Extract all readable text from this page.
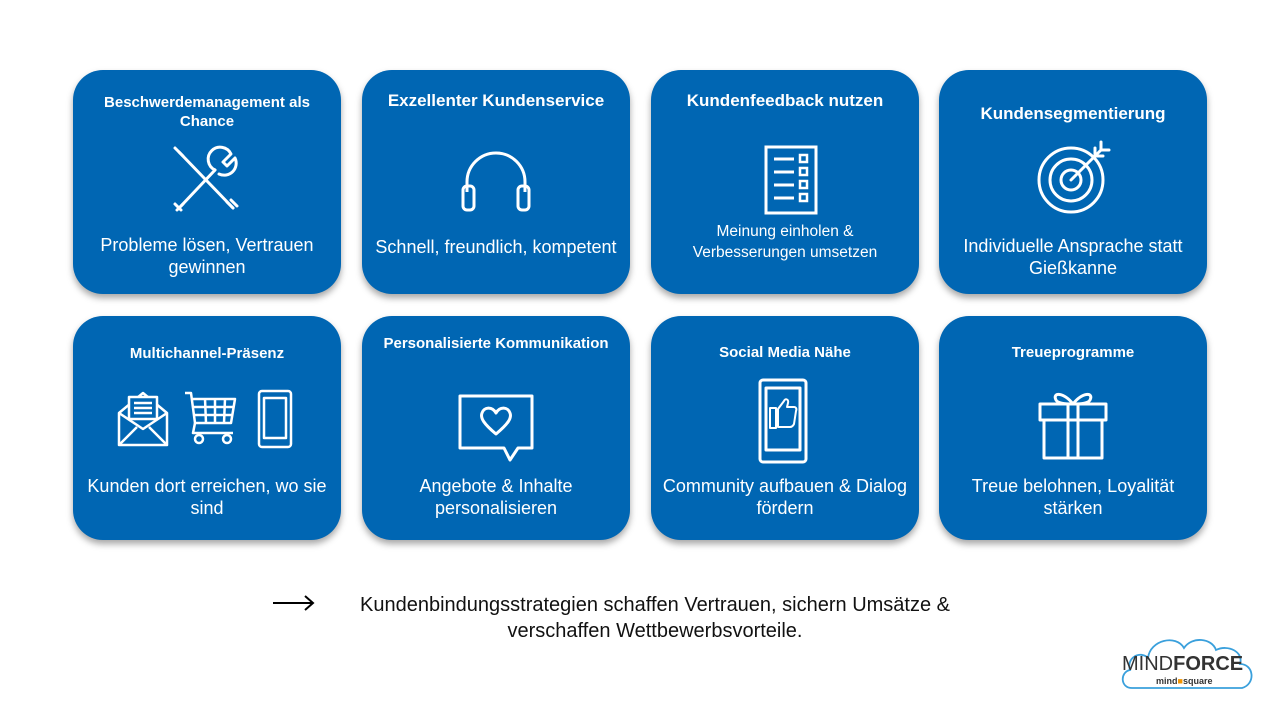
Beschwerdemanagement als Chance
Probleme lösen, Vertrauen gewinnen
Exzellenter Kundenservice
Schnell, freundlich, kompetent
Kundenfeedback nutzen
Meinung einholen & Verbesserungen umsetzen
Kundensegmentierung
Individuelle Ansprache statt Gießkanne
Multichannel-Präsenz
Kunden dort erreichen, wo sie sind
Personalisierte Kommunikation
Angebote & Inhalte personalisieren
Social Media Nähe
Community aufbauen & Dialog fördern
Treueprogramme
Treue belohnen, Loyalität stärken
Kundenbindungsstrategien schaffen Vertrauen, sichern Umsätze & verschaffen Wettbewerbsvorteile.
MINDFORCE
mind■square
